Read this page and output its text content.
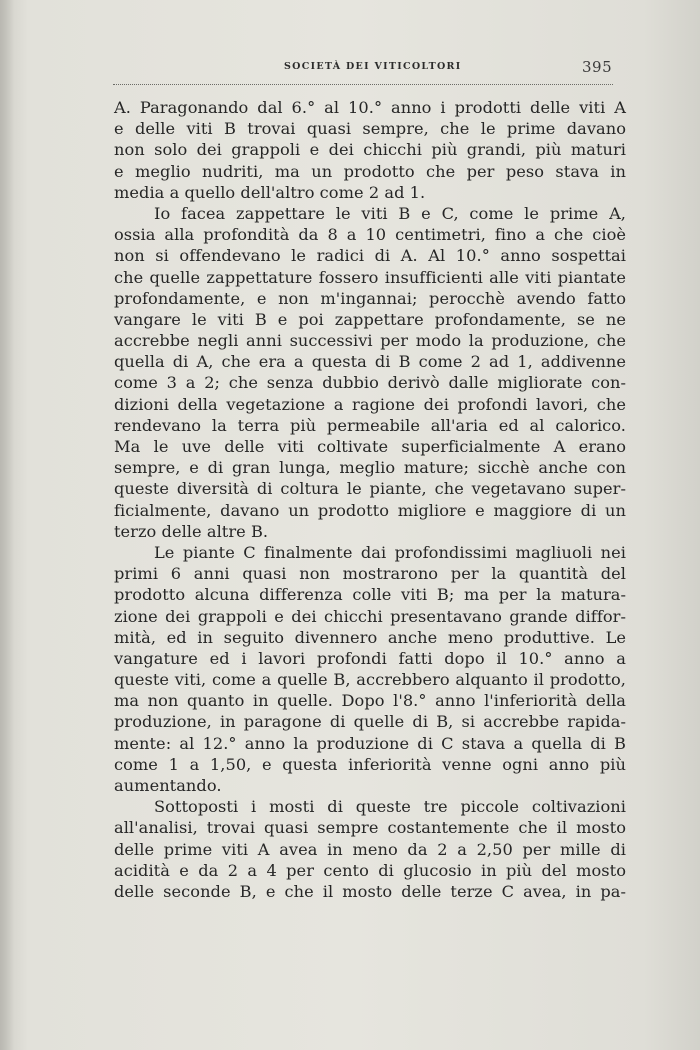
SOCIETÀ DEI VITICOLTORI	395
A. Paragonando dal 6.° al 10.° anno i prodotti delle viti A
e delle viti B trovai quasi sempre, che le prime davano
non solo dei grappoli e dei chicchi più grandi, più maturi
e meglio nudriti, ma un prodotto che per peso stava in
media a quello dell'altro come 2 ad 1.
Io facea zappettare le viti B e C, come le prime A,
ossia alla profondità da 8 a 10 centimetri, fino a che cioè
non si offendevano le radici di A. Al 10.° anno sospettai
che quelle zappettature fossero insufficienti alle viti piantate
profondamente, e non m'ingannai; perocchè avendo fatto
vangare le viti B e poi zappettare profondamente, se ne
accrebbe negli anni successivi per modo la produzione, che
quella di A, che era a questa di B come 2 ad 1, addivenne
come 3 a 2; che senza dubbio derivò dalle migliorate con-
dizioni della vegetazione a ragione dei profondi lavori, che
rendevano la terra più permeabile all'aria ed al calorico.
Ma le uve delle viti coltivate superficialmente A erano
sempre, e di gran lunga, meglio mature; sicchè anche con
queste diversità di coltura le piante, che vegetavano super-
ficialmente, davano un prodotto migliore e maggiore di un
terzo delle altre B.
Le piante C finalmente dai profondissimi magliuoli nei
primi 6 anni quasi non mostrarono per la quantità del
prodotto alcuna differenza colle viti B; ma per la matura-
zione dei grappoli e dei chicchi presentavano grande diffor-
mità, ed in seguito divennero anche meno produttive. Le
vangature ed i lavori profondi fatti dopo il 10.° anno a
queste viti, come a quelle B, accrebbero alquanto il prodotto,
ma non quanto in quelle. Dopo l'8.° anno l'inferiorità della
produzione, in paragone di quelle di B, si accrebbe rapida-
mente: al 12.° anno la produzione di C stava a quella di B
come 1 a 1,50, e questa inferiorità venne ogni anno più
aumentando.
Sottoposti i mosti di queste tre piccole coltivazioni
all'analisi, trovai quasi sempre costantemente che il mosto
delle prime viti A avea in meno da 2 a 2,50 per mille di
acidità e da 2 a 4 per cento di glucosio in più del mosto
delle seconde B, e che il mosto delle terze C avea, in pa-
